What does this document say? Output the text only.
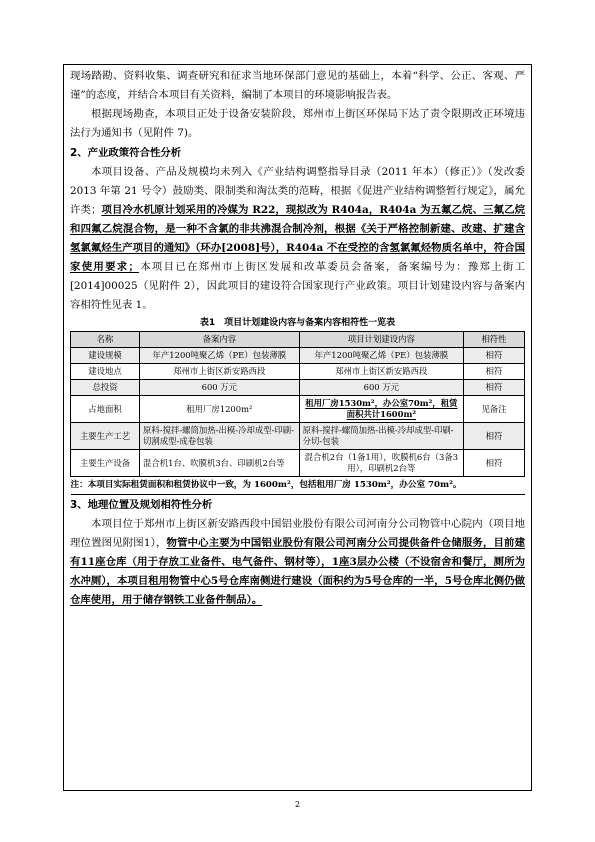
现场踏勘、资料收集、调查研究和征求当地环保部门意见的基础上，本着“科学、公正、客观、严谨”的态度，并结合本项目有关资料，编制了本项目的环境影响报告表。

根据现场勘查，本项目正处于设备安装阶段，郑州市上街区环保局下达了责令限期改正环境违法行为通知书（见附件 7)。

2、产业政策符合性分析

本项目设备、产品及规模均未列入《产业结构调整指导目录（2011 年本）（修正）》（发改委 2013 年第 21 号令）鼓励类、限制类和淘汰类的范畴，根据《促进产业结构调整暂行规定》，属允许类；项目冷水机原计划采用的冷媒为 R22，现拟改为 R404a，R404a 为五氟乙烷、三氟乙烷和四氟乙烷混合物，是一种不含氯的非共沸混合制冷剂，根据《关于严格控制新建、改建、扩建含氢氯氟烃生产项目的通知》（环办[2008]号），R404a 不在受控的含氢氯氟烃物质名单中，符合国家使用要求；本项目已在郑州市上街区发展和改革委员会备案，备案编号为：豫郑上街工[2014]00025（见附件 2），因此项目的建设符合国家现行产业政策。项目计划建设内容与备案内容相符性见表 1。

表1　项目计划建设内容与备案内容相符性一览表
名称	备案内容	项目计划建设内容	相符性
建设规模	年产1200吨聚乙烯（PE）包装薄膜	年产1200吨聚乙烯（PE）包装薄膜	相符
建设地点	郑州市上街区新安路西段	郑州市上街区新安路西段	相符
总投资	600 万元	600 万元	相符
占地面积	租用厂房1200m²	租用厂房1530m²，办公室70m²，租赁面积共计1600m²	见备注
主要生产工艺	原料-搅拌-螺筒加热-出模-冷却成型-印刷-切割成型-成卷包装	原料-搅拌-螺筒加热-出模-冷却成型-印刷-分切-包装	相符
主要生产设备	混合机1台、吹膜机3台、印刷机2台等	混合机2台（1备1用），吹膜机6台（3备3用），印刷机2台等	相符
注：本项目实际租赁面积和租赁协议中一致，为 1600m²，包括租用厂房 1530m²，办公室 70m²。			
3、地理位置及规划相符性分析

本项目位于郑州市上街区新安路西段中国铝业股份有限公司河南分公司物管中心院内（项目地理位置图见附图1），物管中心主要为中国铝业股份有限公司河南分公司提供备件仓储服务，目前建有11座仓库（用于存放工业备件、电气备件、钢材等），1座3层办公楼（不设宿舍和餐厅，厕所为水冲厕），本项目租用物管中心5号仓库南侧进行建设（面积约为5号仓库的一半，5号仓库北侧仍做仓库使用，用于储存钢铁工业备件制品）。

2
